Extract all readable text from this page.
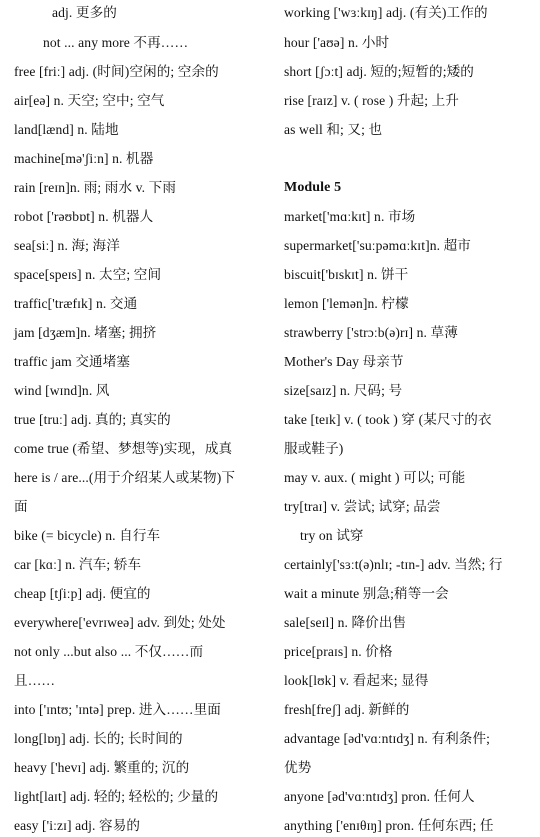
adj. 更多的
not ... any more 不再……
free [friː] adj. (时间)空闲的; 空余的
air[eə] n. 天空; 空中; 空气
land[lænd] n. 陆地
machine[mə'ʃiːn] n. 机器
rain [reɪn]n. 雨; 雨水 v. 下雨
robot ['rəʊbɒt] n. 机器人
sea[siː] n. 海; 海洋
space[speɪs] n. 太空; 空间
traffic['træfɪk] n. 交通
jam [dʒæm]n. 堵塞; 拥挤
traffic jam 交通堵塞
wind [wɪnd]n. 风
true [truː] adj. 真的; 真实的
come true (希望、梦想等)实现，成真
here is / are...(用于介绍某人或某物)下
面
bike (= bicycle) n. 自行车
car [kɑː] n. 汽车; 轿车
cheap [tʃiːp] adj. 便宜的
everywhere['evrɪweə] adv. 到处; 处处
not only ...but also ... 不仅……而
且……
into ['ɪntʊ; 'ɪntə] prep. 进入……里面
long[lɒŋ] adj. 长的; 长时间的
heavy ['hevɪ] adj. 繁重的; 沉的
light[laɪt] adj. 轻的; 轻松的; 少量的
easy ['iːzɪ] adj. 容易的
working ['wɜːkɪŋ] adj. (有关)工作的
hour ['aʊə] n. 小时
short [ʃɔːt] adj. 短的;短暂的;矮的
rise [raɪz] v. ( rose ) 升起; 上升
as well 和; 又; 也
Module 5
market['mɑːkɪt] n. 市场
supermarket['suːpəmɑːkɪt]n. 超市
biscuit['bɪskɪt] n. 饼干
lemon ['lemən]n. 柠檬
strawberry ['strɔːb(ə)rɪ] n. 草薄
Mother's Day 母亲节
size[saɪz] n. 尺码; 号
take [teɪk] v. ( took ) 穿 (某尺寸的衣
服或鞋子)
may v. aux. ( might ) 可以; 可能
try[traɪ] v. 尝试; 试穿; 品尝
try on 试穿
certainly['sɜːt(ə)nlɪ; -tɪn-] adv. 当然; 行
wait a minute 别急;稍等一会
sale[seɪl] n. 降价出售
price[praɪs] n. 价格
look[lʊk] v. 看起来; 显得
fresh[freʃ] adj. 新鲜的
advantage [əd'vɑːntɪdʒ] n. 有利条件;
优势
anyone [əd'vɑːntɪdʒ] pron. 任何人
anything ['enɪθɪŋ] pron. 任何东西; 任
